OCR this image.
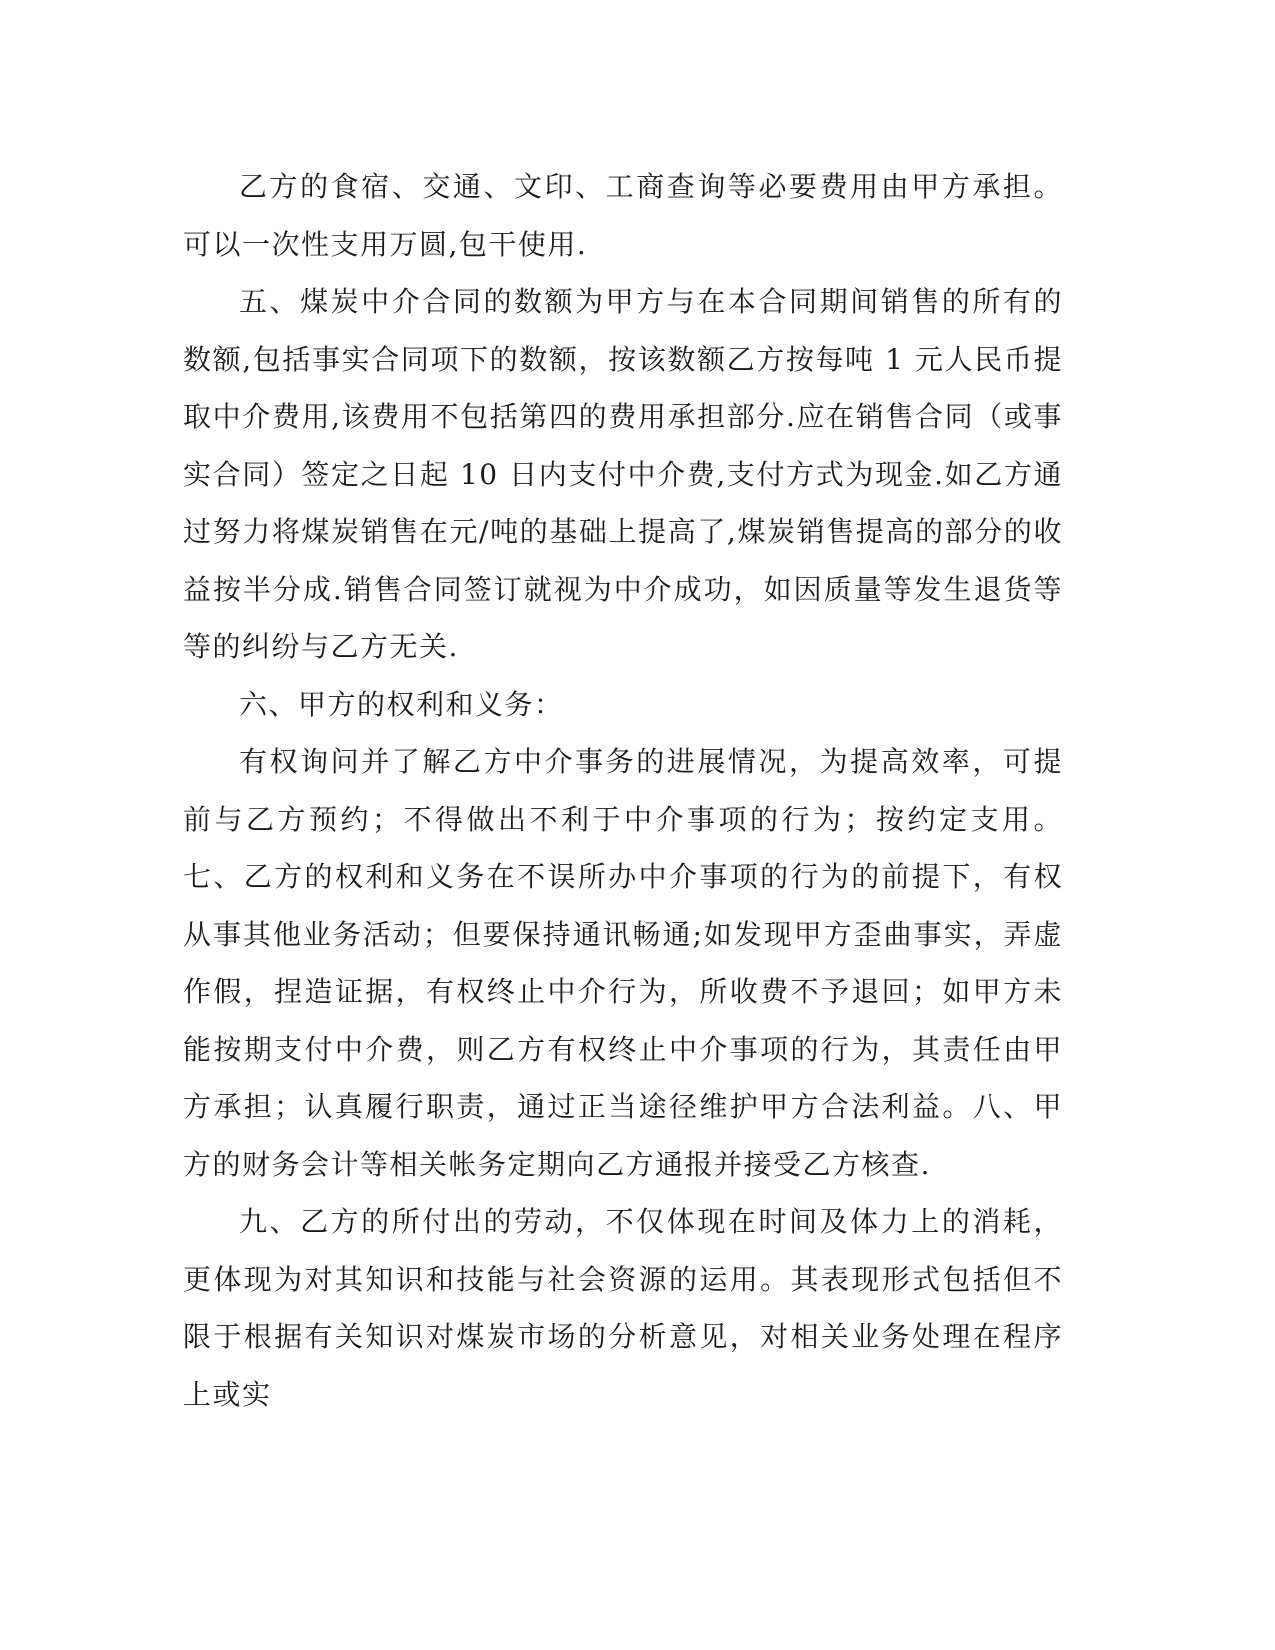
乙方的食宿、交通、文印、工商查询等必要费用由甲方承担。可以一次性支用万圆,包干使用.

五、煤炭中介合同的数额为甲方与在本合同期间销售的所有的数额,包括事实合同项下的数额，按该数额乙方按每吨 1 元人民币提取中介费用,该费用不包括第四的费用承担部分.应在销售合同（或事实合同）签定之日起 10 日内支付中介费,支付方式为现金.如乙方通过努力将煤炭销售在元/吨的基础上提高了,煤炭销售提高的部分的收益按半分成.销售合同签订就视为中介成功，如因质量等发生退货等等的纠纷与乙方无关.

六、甲方的权利和义务：

有权询问并了解乙方中介事务的进展情况，为提高效率，可提前与乙方预约；不得做出不利于中介事项的行为；按约定支用。七、乙方的权利和义务在不误所办中介事项的行为的前提下，有权从事其他业务活动；但要保持通讯畅通;如发现甲方歪曲事实，弄虚作假，捏造证据，有权终止中介行为，所收费不予退回；如甲方未能按期支付中介费，则乙方有权终止中介事项的行为，其责任由甲方承担；认真履行职责，通过正当途径维护甲方合法利益。八、甲方的财务会计等相关帐务定期向乙方通报并接受乙方核查.

九、乙方的所付出的劳动，不仅体现在时间及体力上的消耗，更体现为对其知识和技能与社会资源的运用。其表现形式包括但不限于根据有关知识对煤炭市场的分析意见，对相关业务处理在程序上或实
